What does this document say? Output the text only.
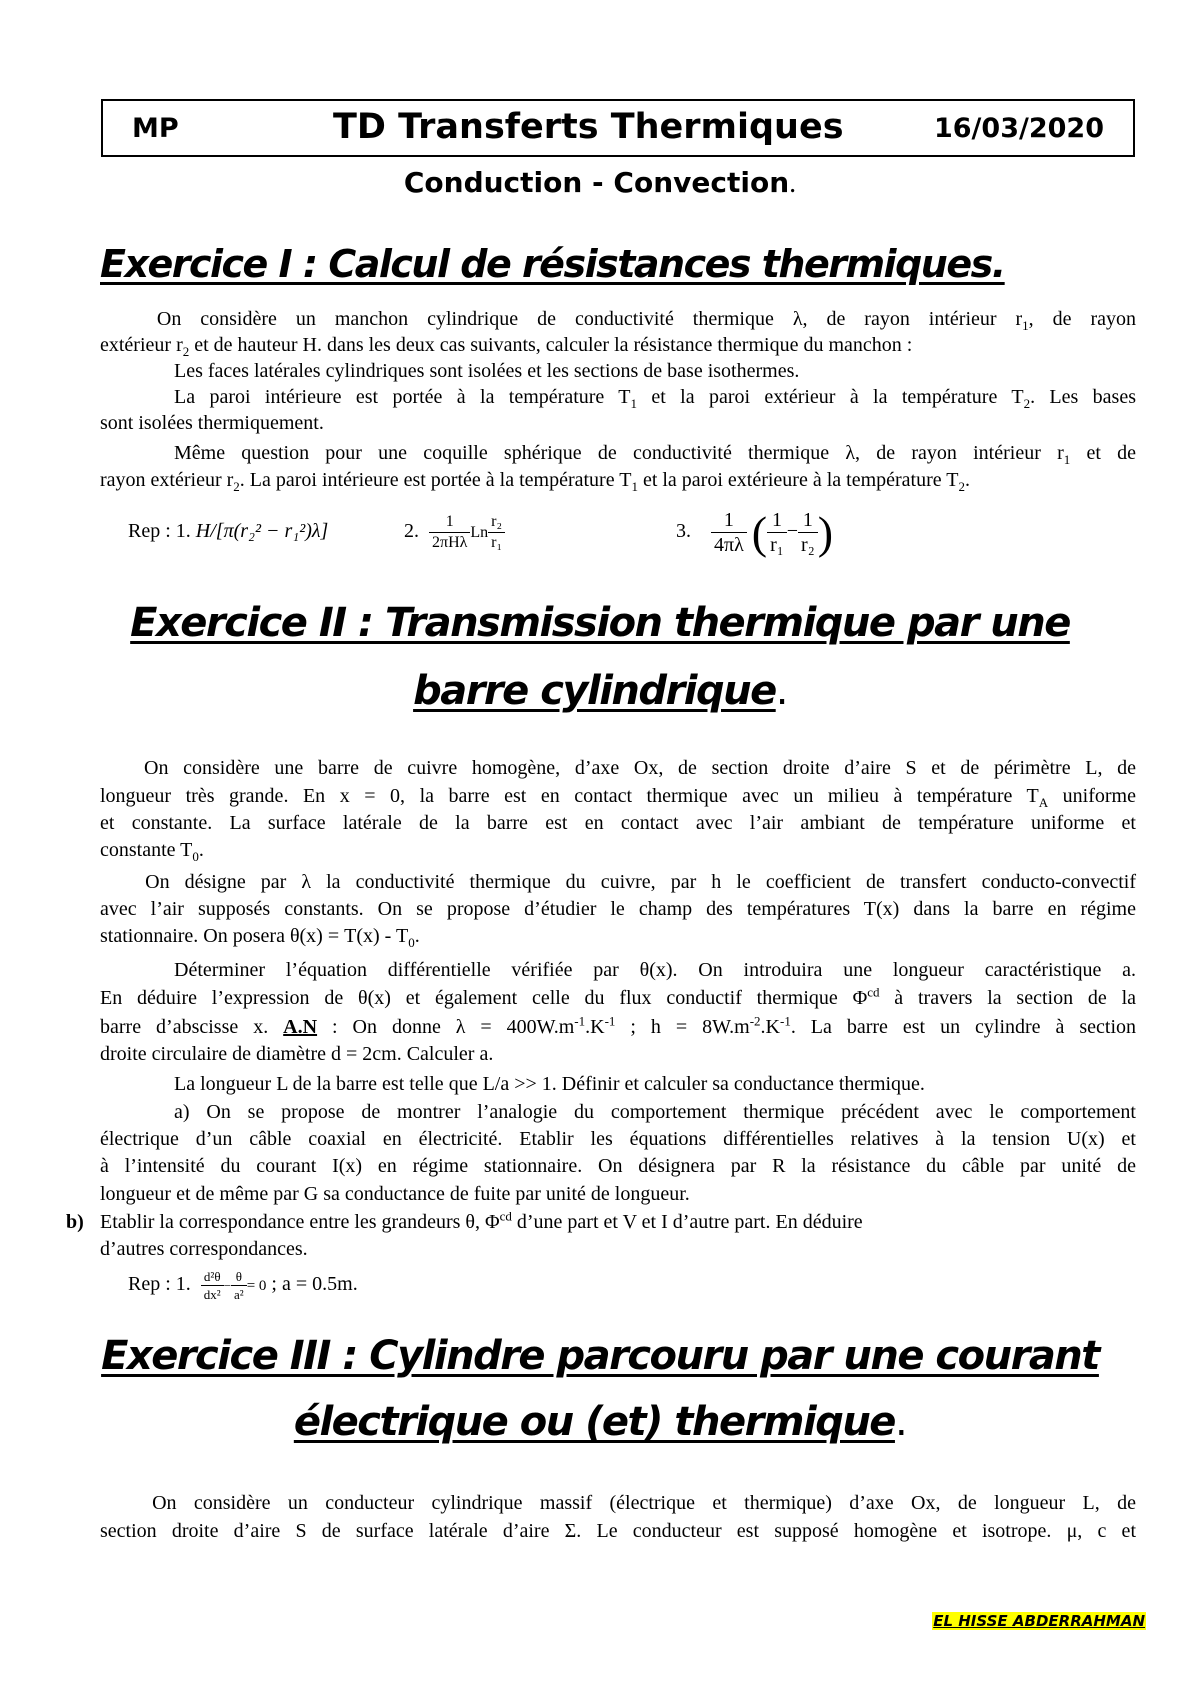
MP	TD Transferts Thermiques	16/03/2020
Conduction - Convection.
Exercice I : Calcul de résistances thermiques.
On considère un manchon cylindrique de conductivité thermique λ, de rayon intérieur $r_1$, de rayon
extérieur $r_2$ et de hauteur H. dans les deux cas suivants, calculer la résistance thermique du manchon :
Les faces latérales cylindriques sont isolées et les sections de base isothermes.
La paroi intérieure est portée à la température $T_1$ et la paroi extérieur à la température $T_2$. Les bases
sont isolées thermiquement.
Même question pour une coquille sphérique de conductivité thermique λ, de rayon intérieur $r_1$ et de
rayon extérieur $r_2$. La paroi intérieure est portée à la température $T_1$ et la paroi extérieure à la température $T_2$.
Rep : 1. H/[π(r₂² − r₁²)λ]	2. $\frac{1}{\text{2πHλ}}$ Ln $\frac{\text{r₂}}{\text{r₁}}$	3. $\frac{1}{4\pi\lambda}$ ( $\frac{1}{\text{r₁}} - \frac{1}{\text{r₂}}$ )
Exercice II : Transmission thermique par une
barre cylindrique.
On considère une barre de cuivre homogène, d’axe Ox, de section droite d’aire S et de périmètre L, de
longueur très grande. En x = 0, la barre est en contact thermique avec un milieu à température $T_A$ uniforme
et constante. La surface latérale de la barre est en contact avec l’air ambiant de température uniforme et
constante $T_0$.
On désigne par λ la conductivité thermique du cuivre, par h le coefficient de transfert conducto-convectif
avec l’air supposés constants. On se propose d’étudier le champ des températures T(x) dans la barre en régime
stationnaire. On posera $\theta(x) = T(x) - T_0$.
Déterminer l’équation différentielle vérifiée par θ(x). On introduira une longueur caractéristique a.
En déduire l’expression de θ(x) et également celle du flux conductif thermique $\Phi^{cd}$ à travers la section de la
barre d’abscisse x. A.N : On donne $\lambda = 400W.m^{-1}.K^{-1}$ ; $h = 8W.m^{-2}.K^{-1}$. La barre est un cylindre à section
droite circulaire de diamètre d = 2cm. Calculer a.
La longueur L de la barre est telle que L/a >> 1. Définir et calculer sa conductance thermique.
a) On se propose de montrer l’analogie du comportement thermique précédent avec le comportement
électrique d’un câble coaxial en électricité. Etablir les équations différentielles relatives à la tension U(x) et
à l’intensité du courant I(x) en régime stationnaire. On désignera par R la résistance du câble par unité de
longueur et de même par G sa conductance de fuite par unité de longueur.
b) Etablir la correspondance entre les grandeurs θ, $\Phi^{cd}$ d’une part et V et I d’autre part. En déduire
d’autres correspondances.
Rep : 1. $\frac{\text{d²θ}}{\text{dx²}} - \frac{\theta}{\text{a²}} = 0$ ; a = 0.5m.
Exercice III : Cylindre parcouru par une courant
électrique ou (et) thermique.
On considère un conducteur cylindrique massif (électrique et thermique) d’axe Ox, de longueur L, de
section droite d’aire S de surface latérale d’aire Σ. Le conducteur est supposé homogène et isotrope. μ, c et
EL HISSE ABDERRAHMAN
